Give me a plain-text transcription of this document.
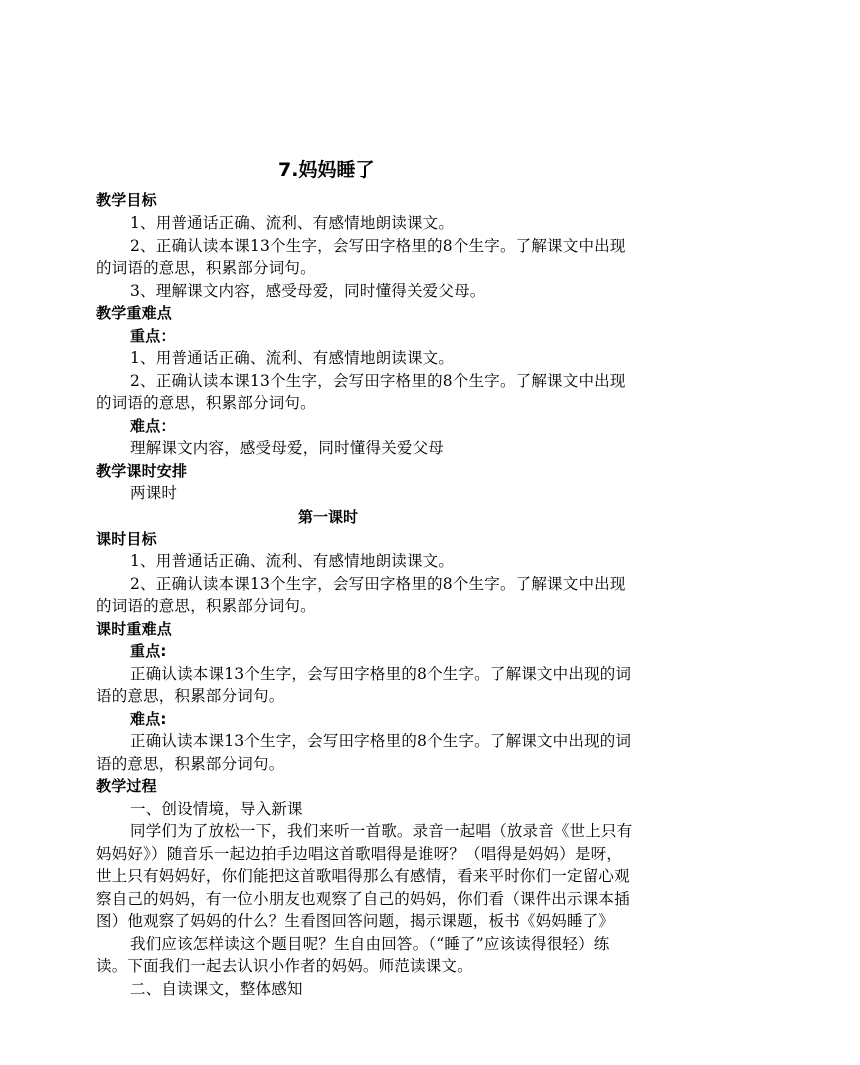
7.妈妈睡了
教学目标
1、用普通话正确、流利、有感情地朗读课文。
2、正确认读本课13个生字，会写田字格里的8个生字。了解课文中出现
的词语的意思，积累部分词句。
3、理解课文内容，感受母爱，同时懂得关爱父母。
教学重难点
重点：
1、用普通话正确、流利、有感情地朗读课文。
2、正确认读本课13个生字，会写田字格里的8个生字。了解课文中出现
的词语的意思，积累部分词句。
难点：
理解课文内容，感受母爱，同时懂得关爱父母
教学课时安排
两课时
第一课时
课时目标
1、用普通话正确、流利、有感情地朗读课文。
2、正确认读本课13个生字，会写田字格里的8个生字。了解课文中出现
的词语的意思，积累部分词句。
课时重难点
重点:
正确认读本课13个生字，会写田字格里的8个生字。了解课文中出现的词
语的意思，积累部分词句。
难点:
正确认读本课13个生字，会写田字格里的8个生字。了解课文中出现的词
语的意思，积累部分词句。
教学过程
一、创设情境，导入新课
同学们为了放松一下，我们来听一首歌。录音一起唱（放录音《世上只有
妈妈好》）随音乐一起边拍手边唱这首歌唱得是谁呀？（唱得是妈妈）是呀，
世上只有妈妈好，你们能把这首歌唱得那么有感情，看来平时你们一定留心观
察自己的妈妈，有一位小朋友也观察了自己的妈妈，你们看（课件出示课本插
图）他观察了妈妈的什么？生看图回答问题，揭示课题，板书《妈妈睡了》
我们应该怎样读这个题目呢？生自由回答。（“睡了”应该读得很轻）练
读。下面我们一起去认识小作者的妈妈。师范读课文。
二、自读课文，整体感知
